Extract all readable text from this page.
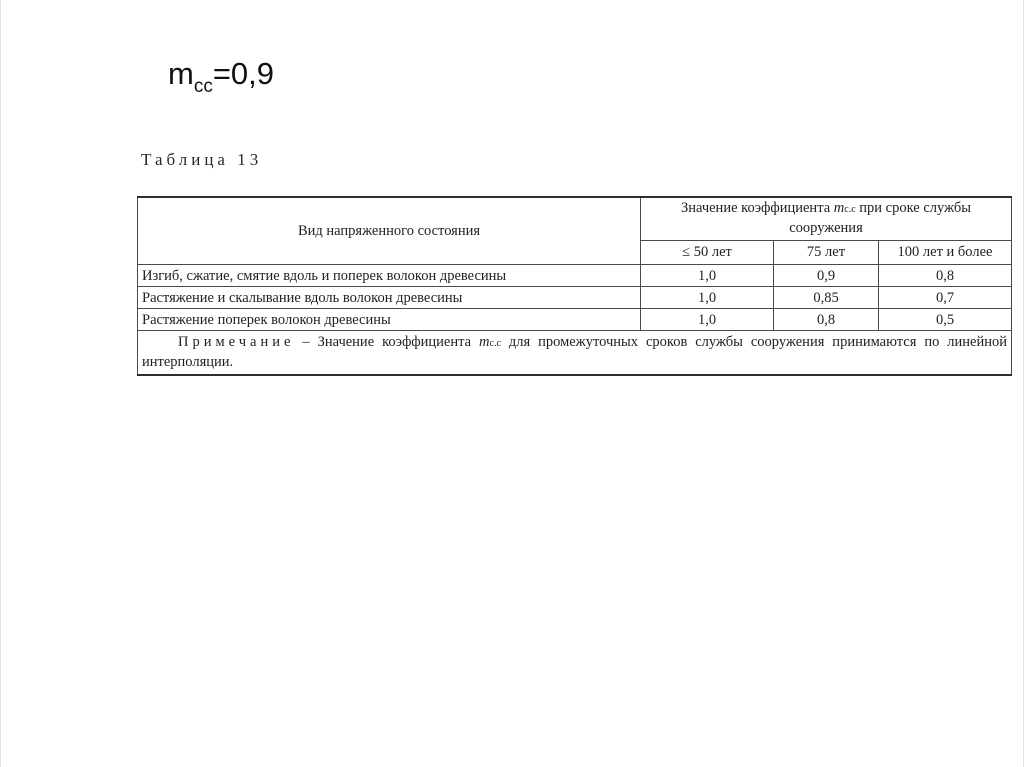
$m_{cc}=0,9$
Таблица 13
Вид напряженного состояния	Значение коэффициента mc.c при сроке службы сооружения		
	≤ 50 лет	75 лет	100 лет и более
Изгиб, сжатие, смятие вдоль и поперек волокон древесины	1,0	0,9	0,8
Растяжение и скалывание вдоль волокон древесины	1,0	0,85	0,7
Растяжение поперек волокон древесины	1,0	0,8	0,5
Примечание – Значение коэффициента mc.c для промежуточных сроков службы сооружения принимаются по линейной интерполяции.			
